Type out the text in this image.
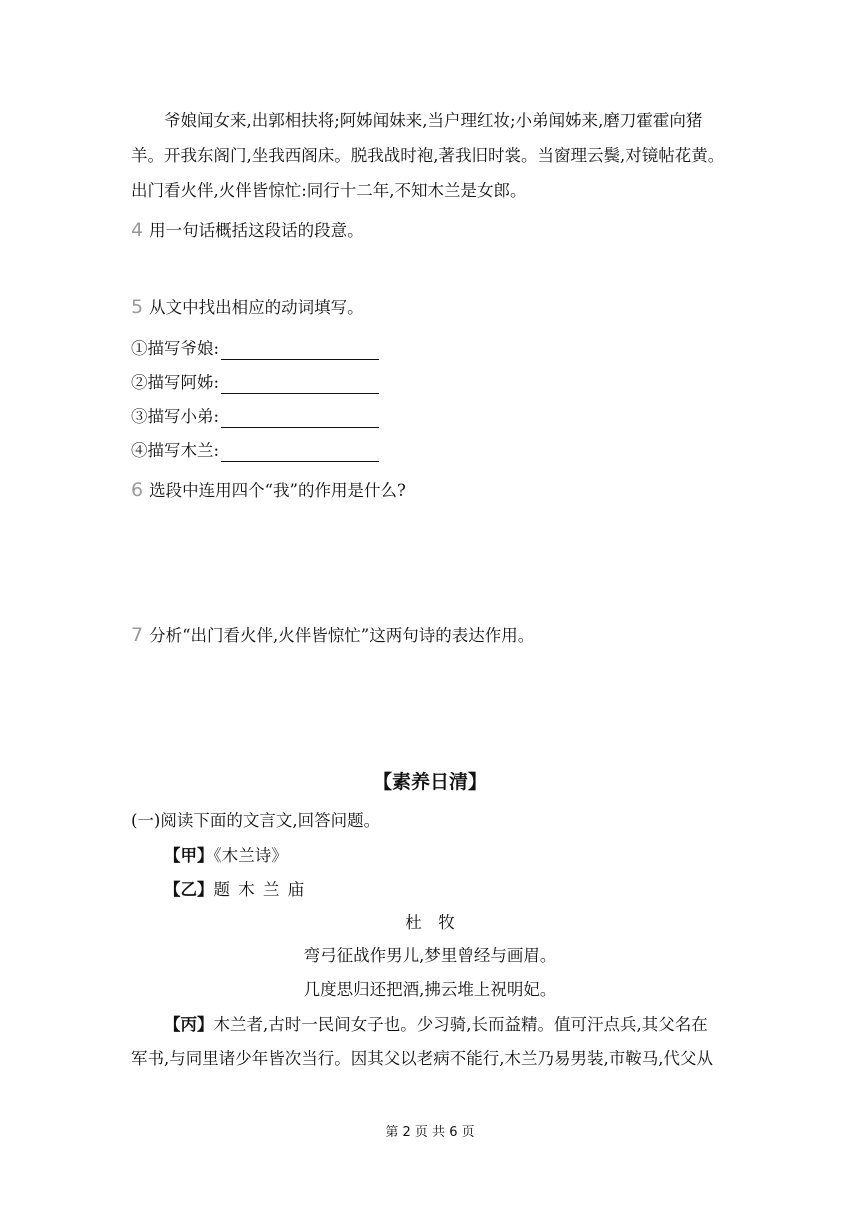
爷娘闻女来,出郭相扶将;阿姊闻妹来,当户理红妆;小弟闻姊来,磨刀霍霍向猪
羊。开我东阁门,坐我西阁床。脱我战时袍,著我旧时裳。当窗理云鬓,对镜帖花黄。
出门看火伴,火伴皆惊忙:同行十二年,不知木兰是女郎。
4 用一句话概括这段话的段意。
5 从文中找出相应的动词填写。
①描写爷娘:
②描写阿姊:
③描写小弟:
④描写木兰:
6 选段中连用四个“我”的作用是什么?
7 分析“出门看火伴,火伴皆惊忙”这两句诗的表达作用。
【素养日清】
(一)阅读下面的文言文,回答问题。
【甲】《木兰诗》
【乙】题木兰庙
杜　牧
弯弓征战作男儿,梦里曾经与画眉。
几度思归还把酒,拂云堆上祝明妃。
【丙】木兰者,古时一民间女子也。少习骑,长而益精。值可汗点兵,其父名在
军书,与同里诸少年皆次当行。因其父以老病不能行,木兰乃易男装,市鞍马,代父从
第 2 页 共 6 页
